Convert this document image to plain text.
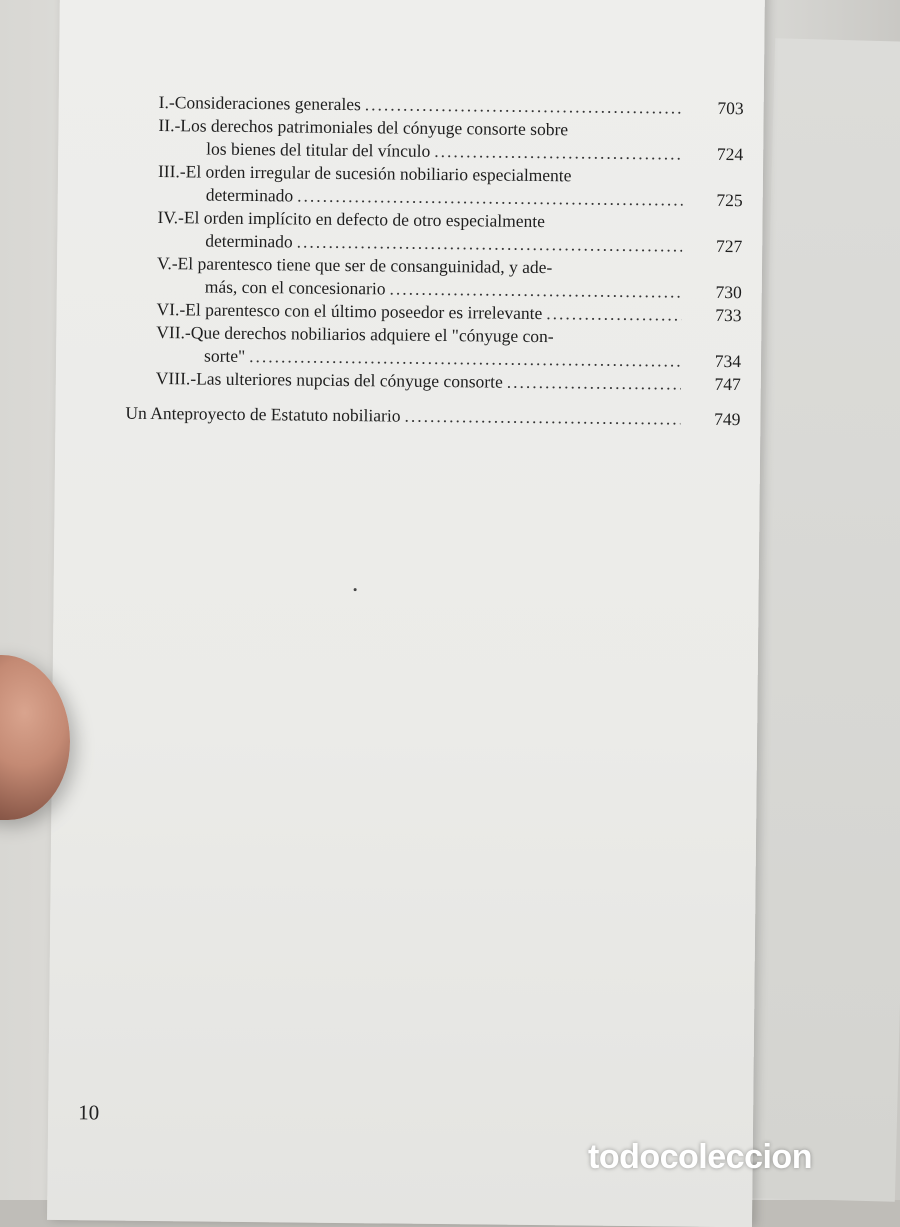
I.-Consideraciones generales .....	703
II.-Los derechos patrimoniales del cónyuge consorte sobre
los bienes del titular del vínculo .....	724
III.-El orden irregular de sucesión nobiliario especialmente
determinado .....	725
IV.-El orden implícito en defecto de otro especialmente
determinado .....	727
V.-El parentesco tiene que ser de consanguinidad, y ade-
más, con el concesionario .....	730
VI.-El parentesco con el último poseedor es irrelevante .....	733
VII.-Que derechos nobiliarios adquiere el "cónyuge con-
sorte" .....	734
VIII.-Las ulteriores nupcias del cónyuge consorte .....	747
Un Anteproyecto de Estatuto nobiliario .....	749
10
todocoleccion
